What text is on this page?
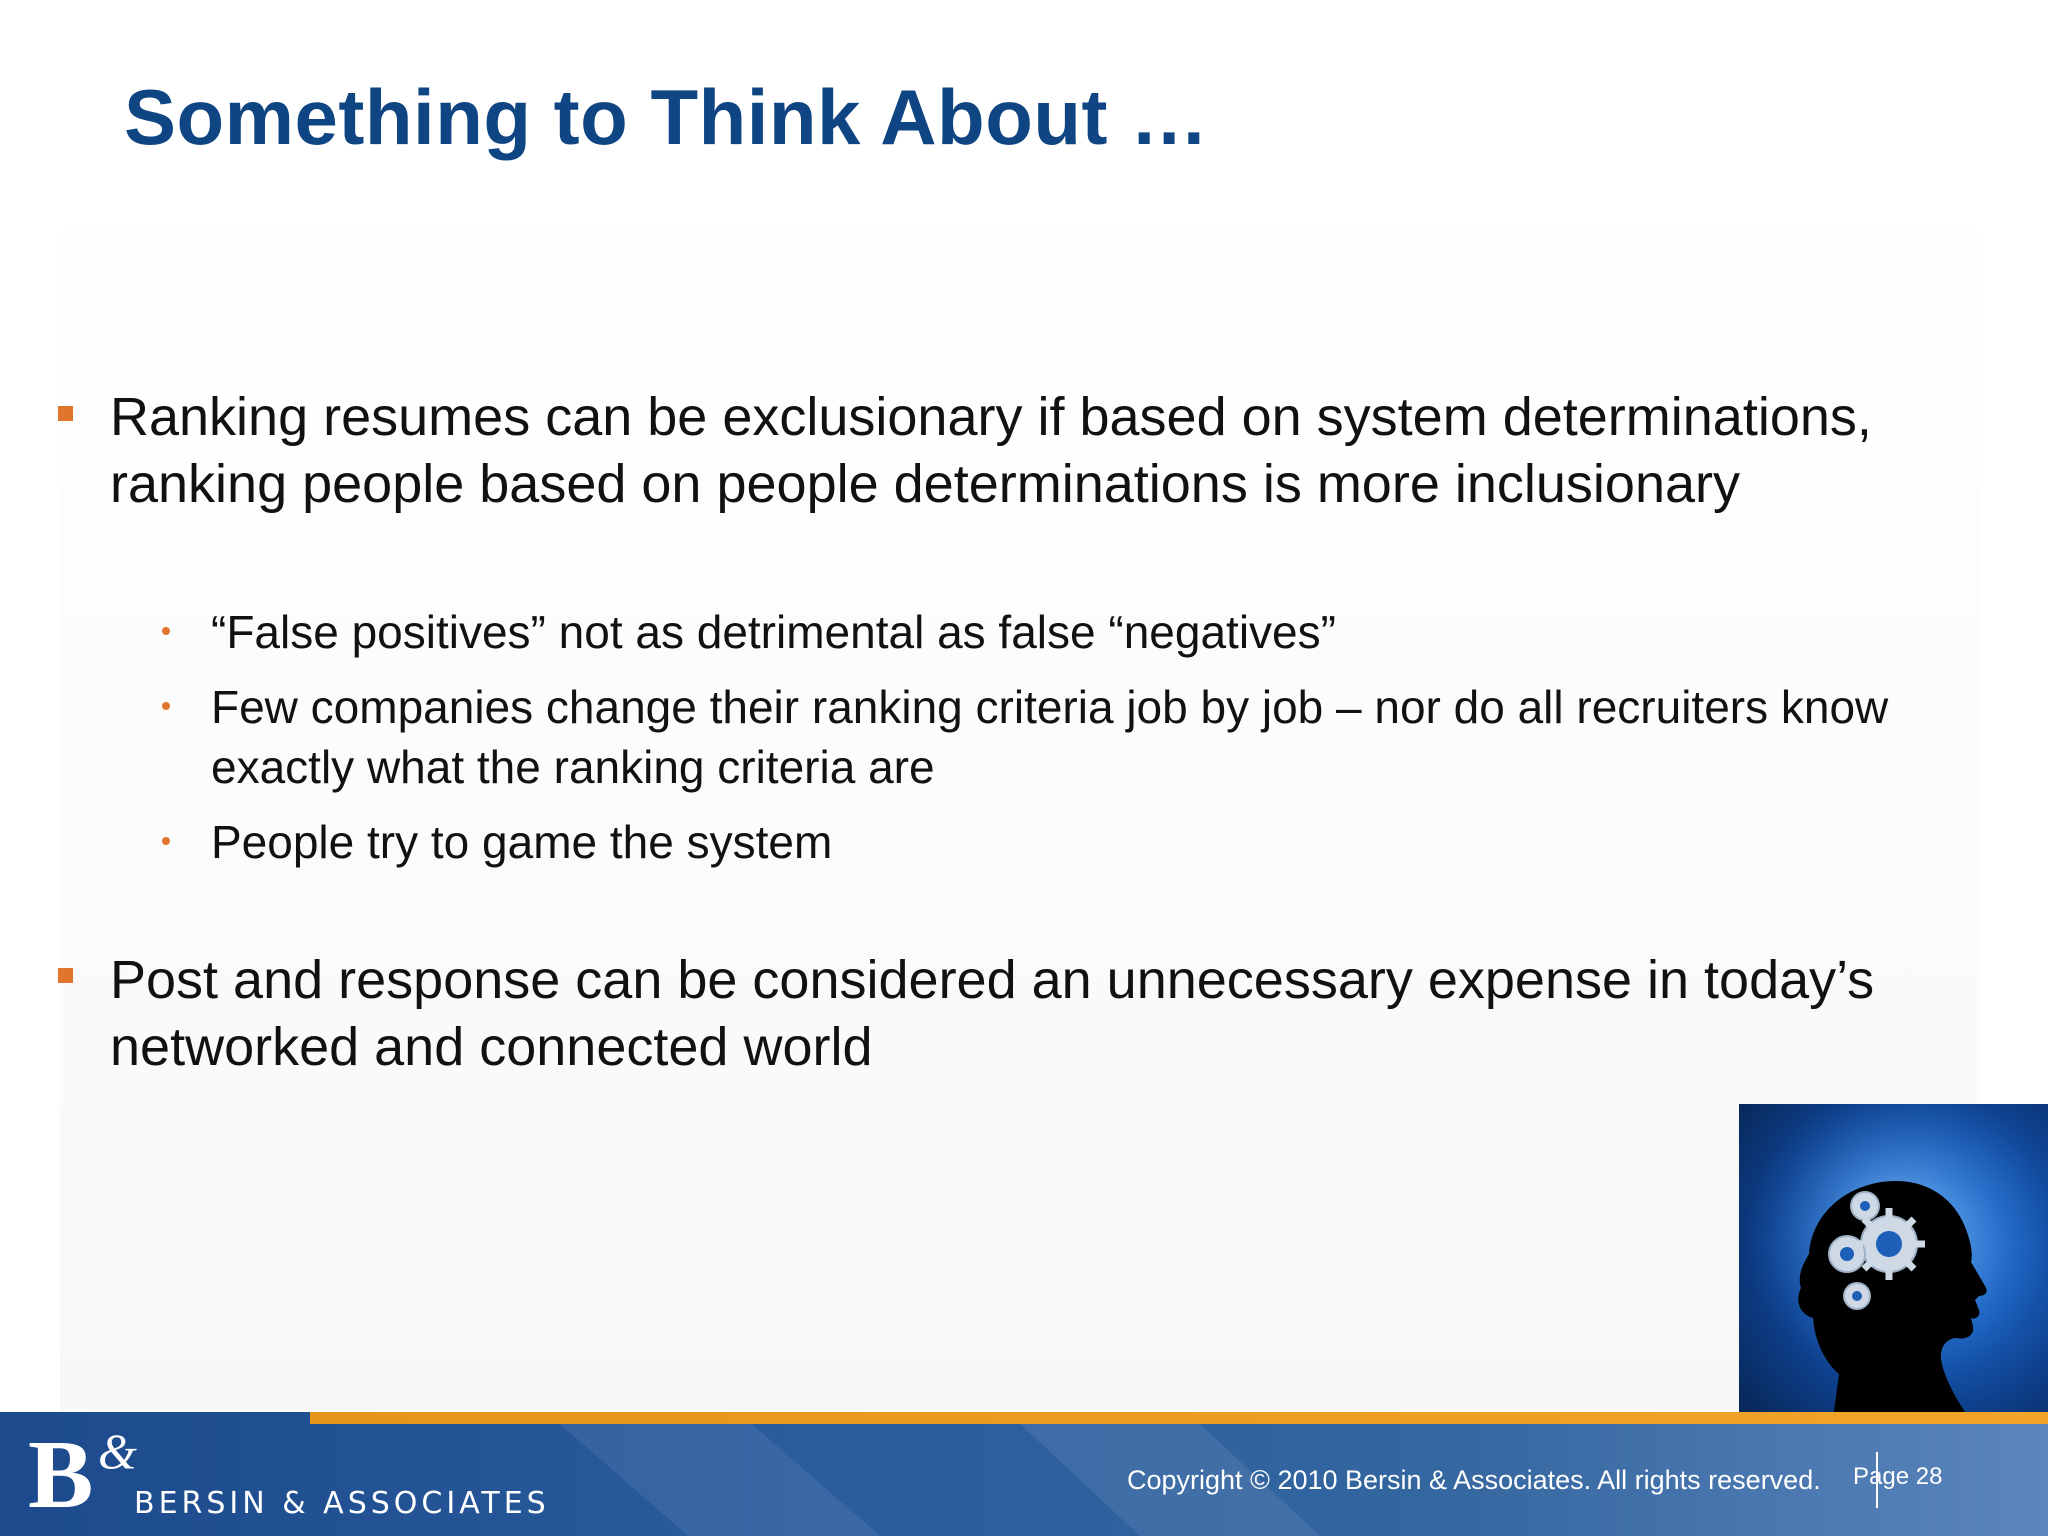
Something to Think About …
Ranking resumes can be exclusionary if based on system determinations, ranking people based on people determinations is more inclusionary
“False positives” not as detrimental as false “negatives”
Few companies change their ranking criteria job by job – nor do all recruiters know exactly what the ranking criteria are
People try to game the system
Post and response can be considered an unnecessary expense in today’s networked and connected world
B &
BERSIN & ASSOCIATES
Copyright © 2010 Bersin & Associates. All rights reserved. Page 28
